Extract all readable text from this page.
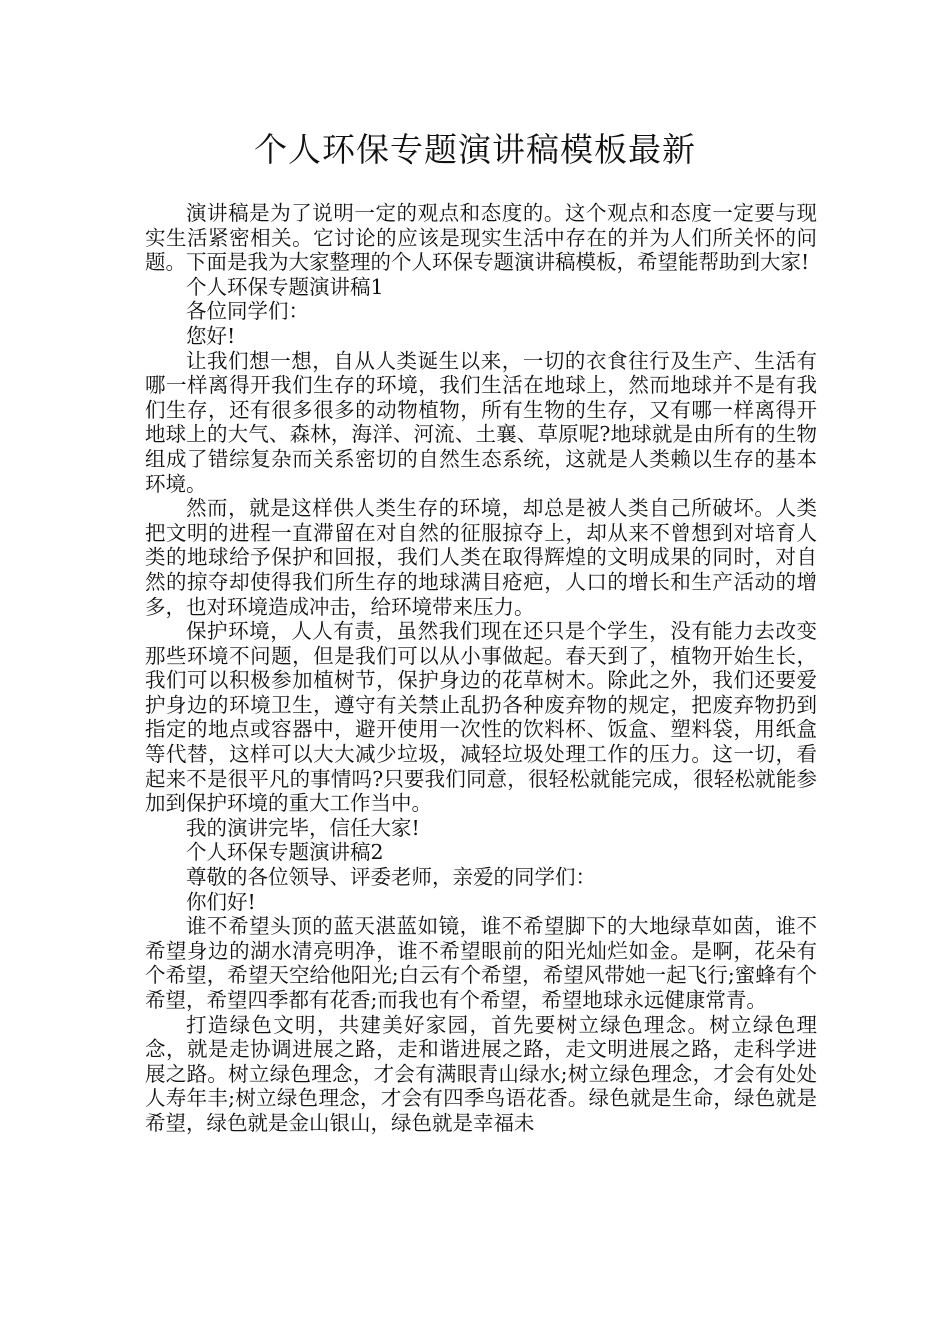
个人环保专题演讲稿模板最新

演讲稿是为了说明一定的观点和态度的。这个观点和态度一定要与现实生活紧密相关。它讨论的应该是现实生活中存在的并为人们所关怀的问题。下面是我为大家整理的个人环保专题演讲稿模板，希望能帮助到大家!

个人环保专题演讲稿1

各位同学们：

您好!

让我们想一想，自从人类诞生以来，一切的衣食往行及生产、生活有哪一样离得开我们生存的环境，我们生活在地球上，然而地球并不是有我们生存，还有很多很多的动物植物，所有生物的生存，又有哪一样离得开地球上的大气、森林，海洋、河流、土襄、草原呢?地球就是由所有的生物组成了错综复杂而关系密切的自然生态系统，这就是人类赖以生存的基本环境。

然而，就是这样供人类生存的环境，却总是被人类自己所破坏。人类把文明的进程一直滞留在对自然的征服掠夺上，却从来不曾想到对培育人类的地球给予保护和回报，我们人类在取得辉煌的文明成果的同时，对自然的掠夺却使得我们所生存的地球满目疮疤，人口的增长和生产活动的增多，也对环境造成冲击，给环境带来压力。

保护环境，人人有责，虽然我们现在还只是个学生，没有能力去改变那些环境不问题，但是我们可以从小事做起。春天到了，植物开始生长，我们可以积极参加植树节，保护身边的花草树木。除此之外，我们还要爱护身边的环境卫生，遵守有关禁止乱扔各种废弃物的规定，把废弃物扔到指定的地点或容器中，避开使用一次性的饮料杯、饭盒、塑料袋，用纸盒等代替，这样可以大大减少垃圾，减轻垃圾处理工作的压力。这一切，看起来不是很平凡的事情吗?只要我们同意，很轻松就能完成，很轻松就能参加到保护环境的重大工作当中。

我的演讲完毕，信任大家!

个人环保专题演讲稿2

尊敬的各位领导、评委老师，亲爱的同学们：

你们好!

谁不希望头顶的蓝天湛蓝如镜，谁不希望脚下的大地绿草如茵，谁不希望身边的湖水清亮明净，谁不希望眼前的阳光灿烂如金。是啊，花朵有个希望，希望天空给他阳光;白云有个希望，希望风带她一起飞行;蜜蜂有个希望，希望四季都有花香;而我也有个希望，希望地球永远健康常青。

打造绿色文明，共建美好家园，首先要树立绿色理念。树立绿色理念，就是走协调进展之路，走和谐进展之路，走文明进展之路，走科学进展之路。树立绿色理念，才会有满眼青山绿水;树立绿色理念，才会有处处人寿年丰;树立绿色理念，才会有四季鸟语花香。绿色就是生命，绿色就是希望，绿色就是金山银山，绿色就是幸福未
